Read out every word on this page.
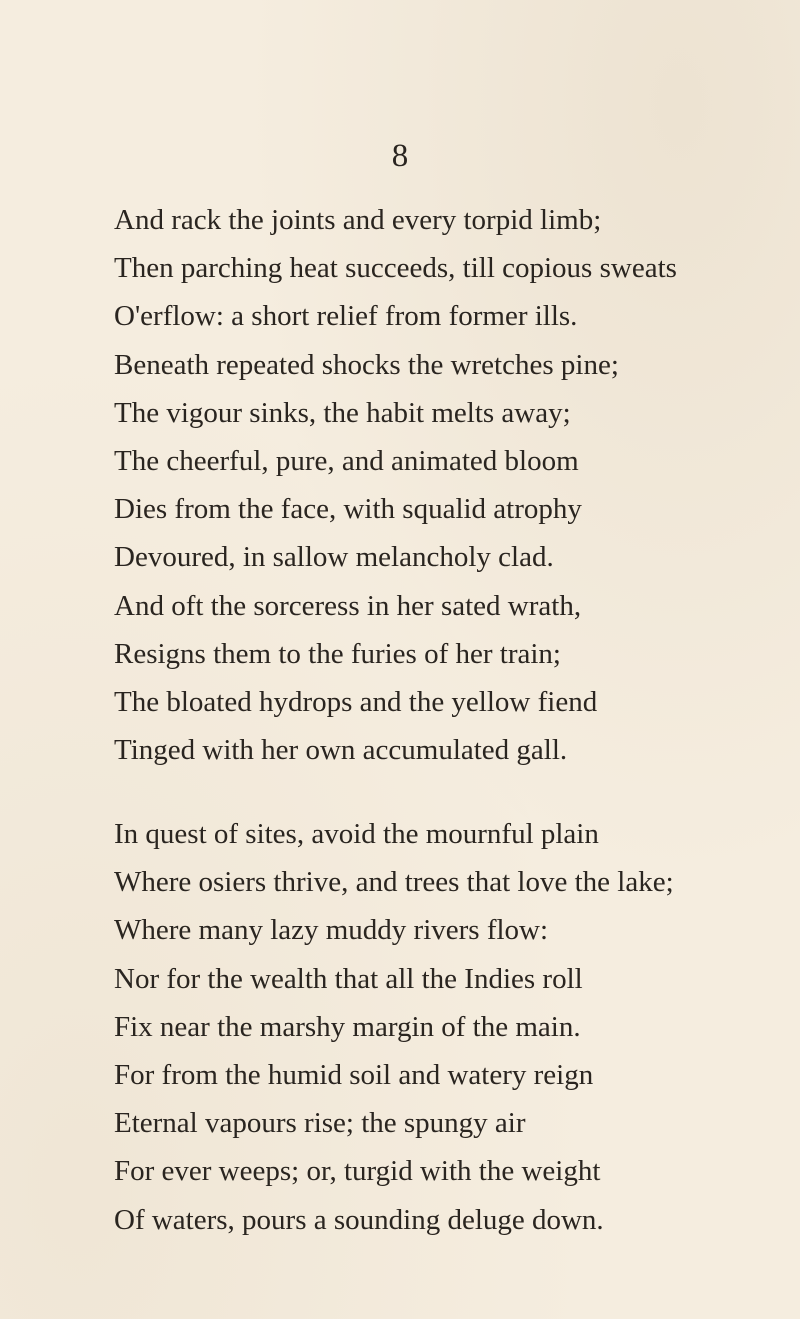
8
And rack the joints and every torpid limb;
Then parching heat succeeds, till copious sweats
O'erflow: a short relief from former ills.
Beneath repeated shocks the wretches pine;
The vigour sinks, the habit melts away;
The cheerful, pure, and animated bloom
Dies from the face, with squalid atrophy
Devoured, in sallow melancholy clad.
And oft the sorceress in her sated wrath,
Resigns them to the furies of her train;
The bloated hydrops and the yellow fiend
Tinged with her own accumulated gall.
In quest of sites, avoid the mournful plain
Where osiers thrive, and trees that love the lake;
Where many lazy muddy rivers flow:
Nor for the wealth that all the Indies roll
Fix near the marshy margin of the main.
For from the humid soil and watery reign
Eternal vapours rise; the spungy air
For ever weeps; or, turgid with the weight
Of waters, pours a sounding deluge down.
